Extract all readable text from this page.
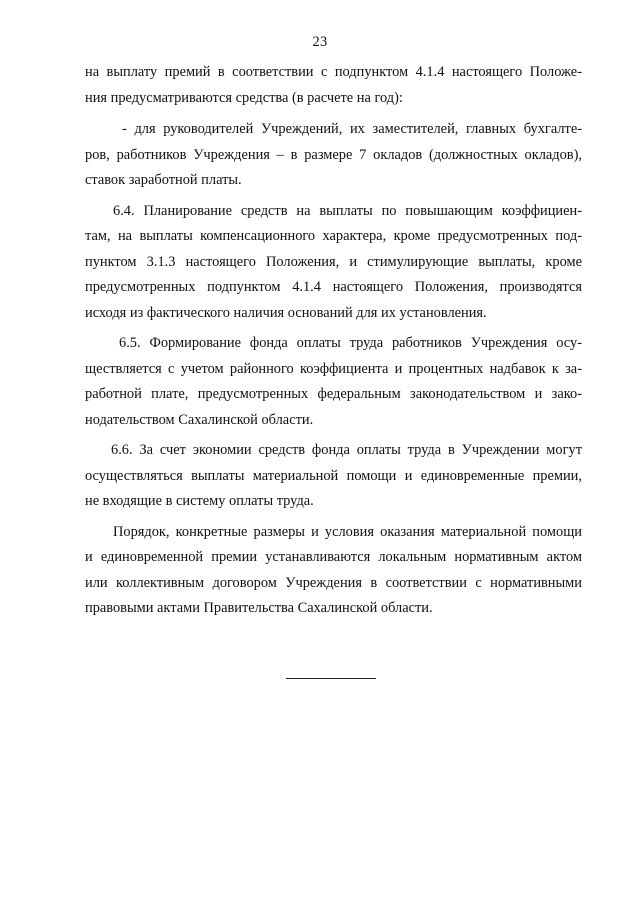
23
на выплату премий в соответствии с подпунктом 4.1.4 настоящего Положе-
ния предусматриваются средства (в расчете на год):
- для руководителей Учреждений, их заместителей, главных бухгалте-
ров, работников Учреждения – в размере 7 окладов (должностных окладов),
ставок заработной платы.
6.4. Планирование средств на выплаты по повышающим коэффициен-
там, на выплаты компенсационного характера, кроме предусмотренных под-
пунктом 3.1.3 настоящего Положения, и стимулирующие выплаты, кроме
предусмотренных подпунктом 4.1.4 настоящего Положения, производятся
исходя из фактического наличия оснований для их установления.
6.5. Формирование фонда оплаты труда работников Учреждения осу-
ществляется с учетом районного коэффициента и процентных надбавок к за-
работной плате, предусмотренных федеральным законодательством и зако-
нодательством Сахалинской области.
6.6. За счет экономии средств фонда оплаты труда в Учреждении могут
осуществляться выплаты материальной помощи и единовременные премии,
не входящие в систему оплаты труда.
Порядок, конкретные размеры и условия оказания материальной помощи
и единовременной премии устанавливаются локальным нормативным актом
или коллективным договором Учреждения в соответствии с нормативными
правовыми актами Правительства Сахалинской области.
